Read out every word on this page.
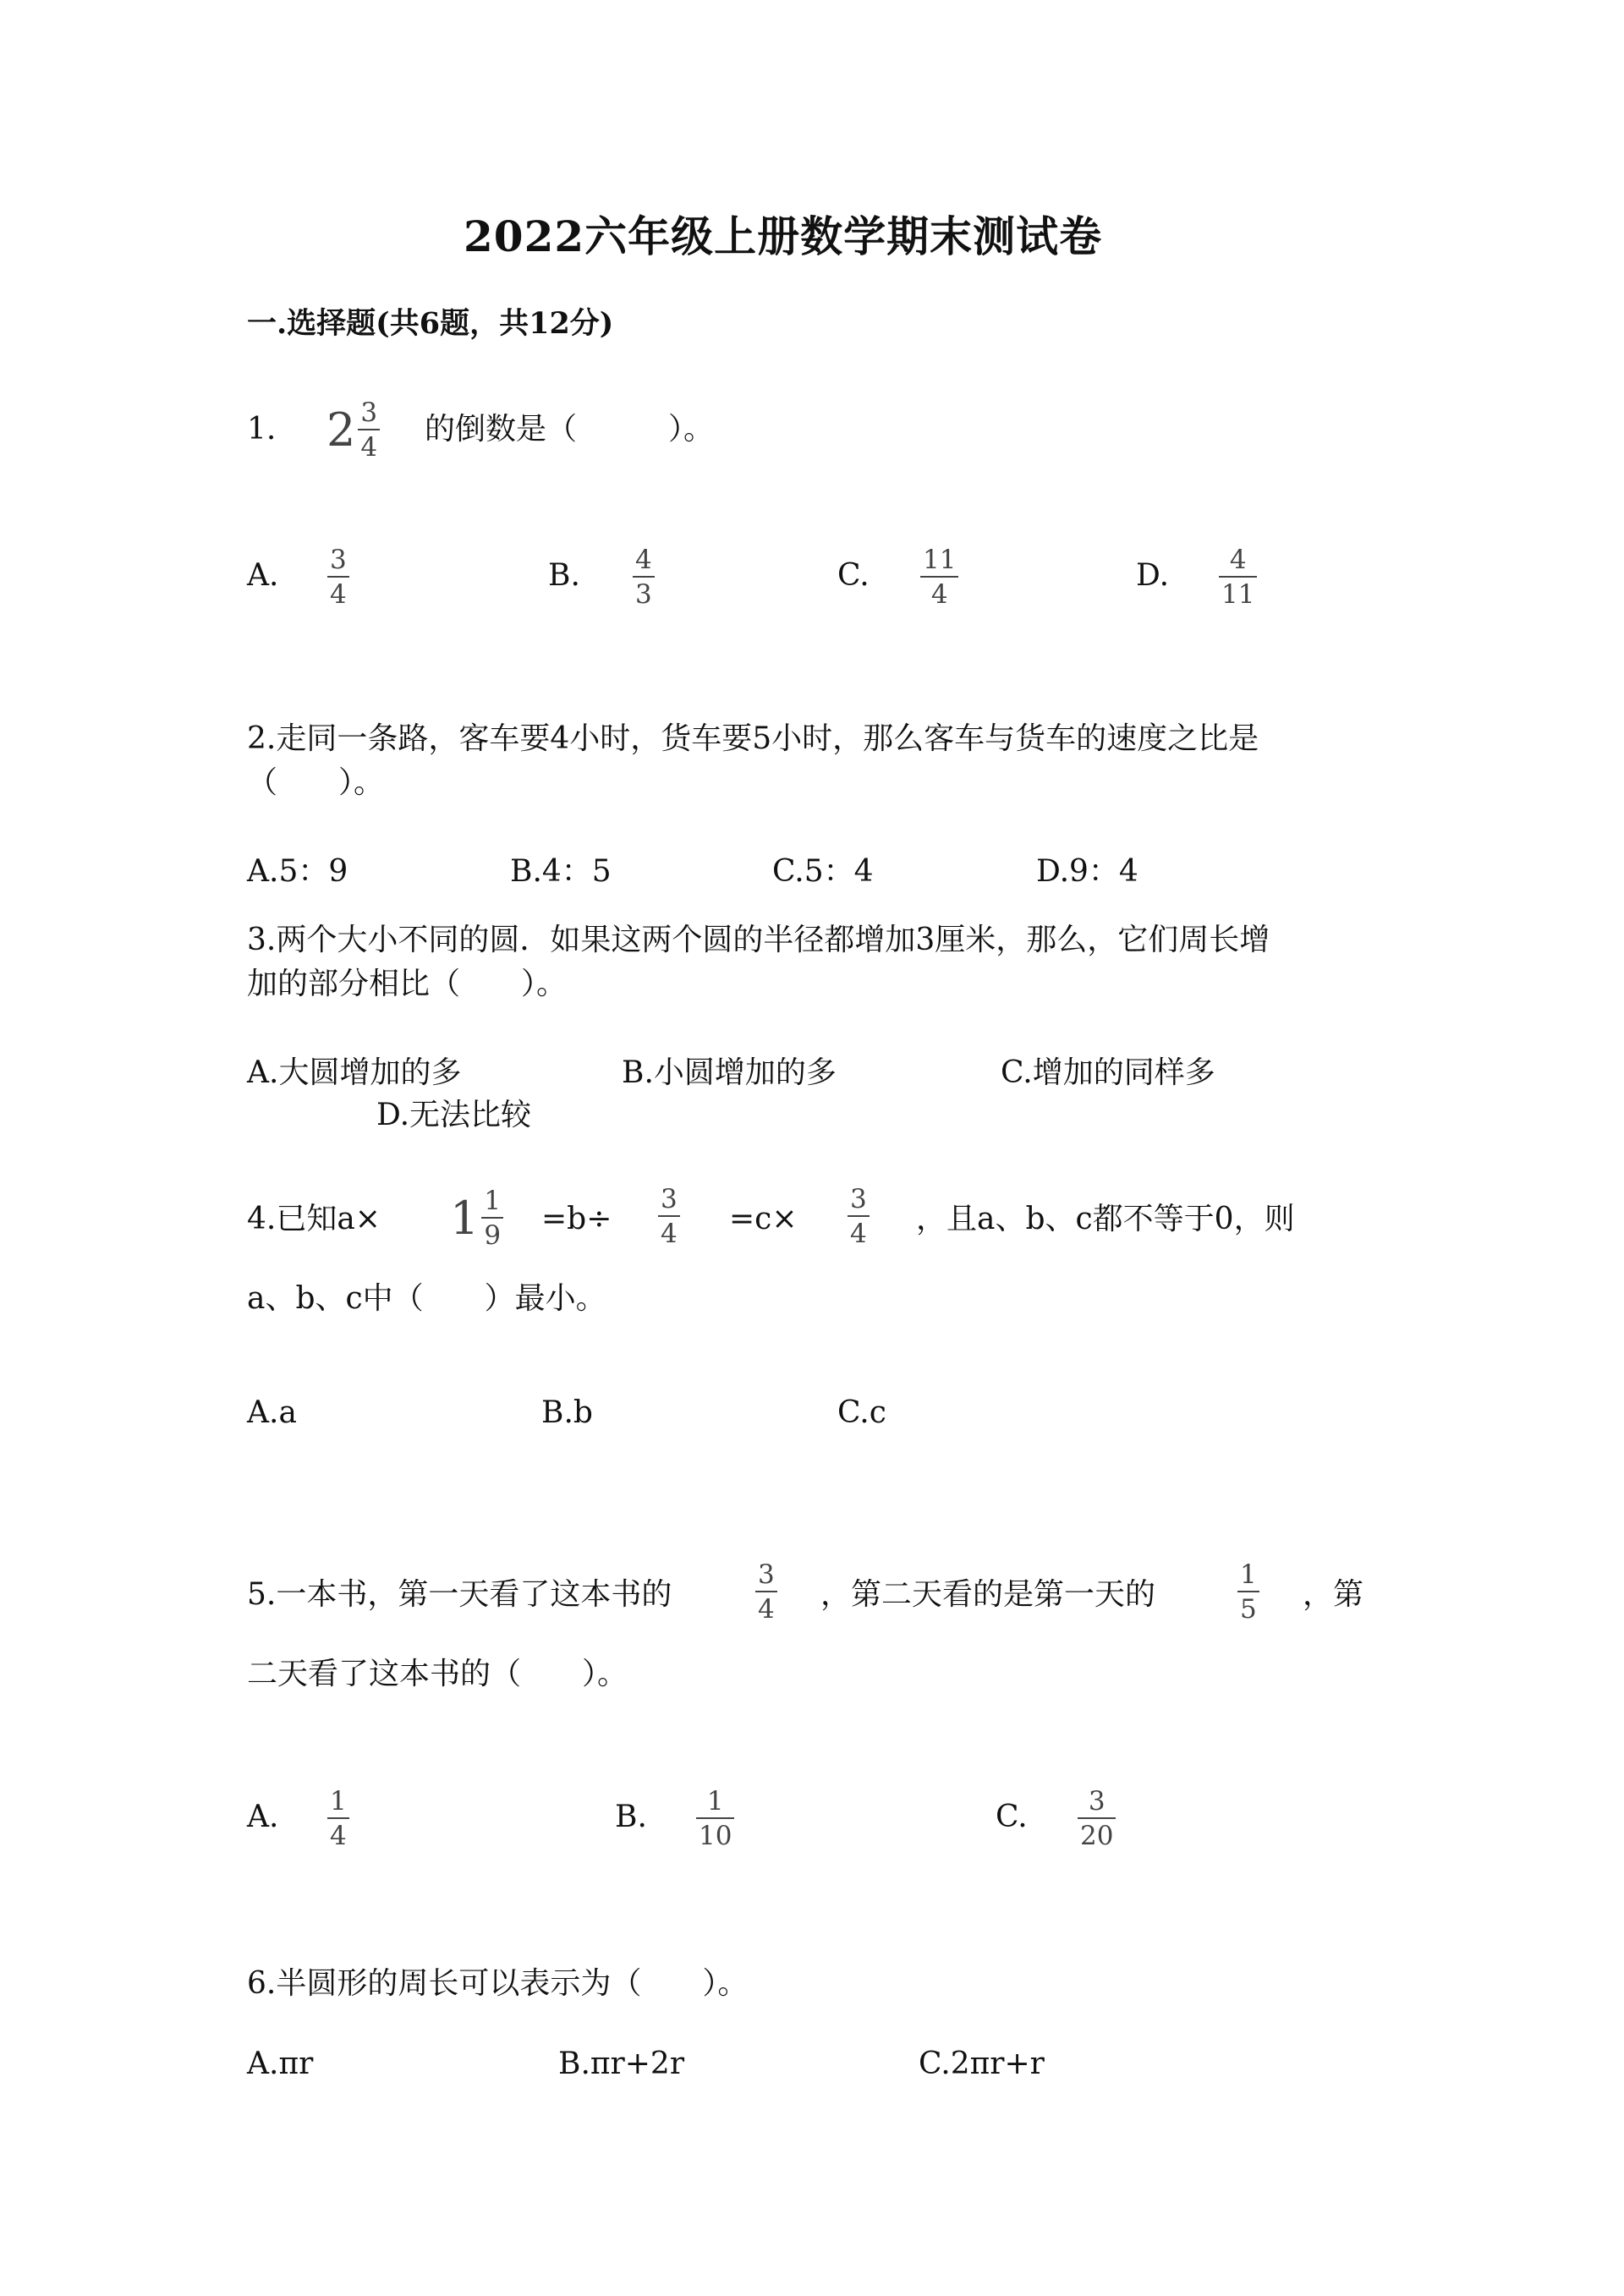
2022六年级上册数学期末测试卷
一.选择题(共6题，共12分)
1. $2 \frac{3}{4}$ 的倒数是（　　　）。
A. 3
4
B. 4
3
C. 11
4
D. 4
11
2.走同一条路，客车要4小时，货车要5小时，那么客车与货车的速度之比是
（　　）。
A.5：9	B.4：5	C.5：4	D.9：4
3.两个大小不同的圆．如果这两个圆的半径都增加3厘米，那么，它们周长增
加的部分相比（　　）。
A.大圆增加的多	B.小圆增加的多	C.增加的同样多
D.无法比较
4.已知$a\times 1 \frac{1}{9} =b\div$
3
4 =c×
3
4 ，且a、b、c都不等于0，则
a、b、c中（　　）最小。
A.a	B.b	C.c
5.一本书，第一天看了这本书的
3
4 ，第二天看的是第一天的
1
5 ，第
二天看了这本书的（　　）。
A. 1
4
B. 1
10
C. 3
20
6.半圆形的周长可以表示为（　　）。
A.πr	B.πr+2r	C.2πr+r
